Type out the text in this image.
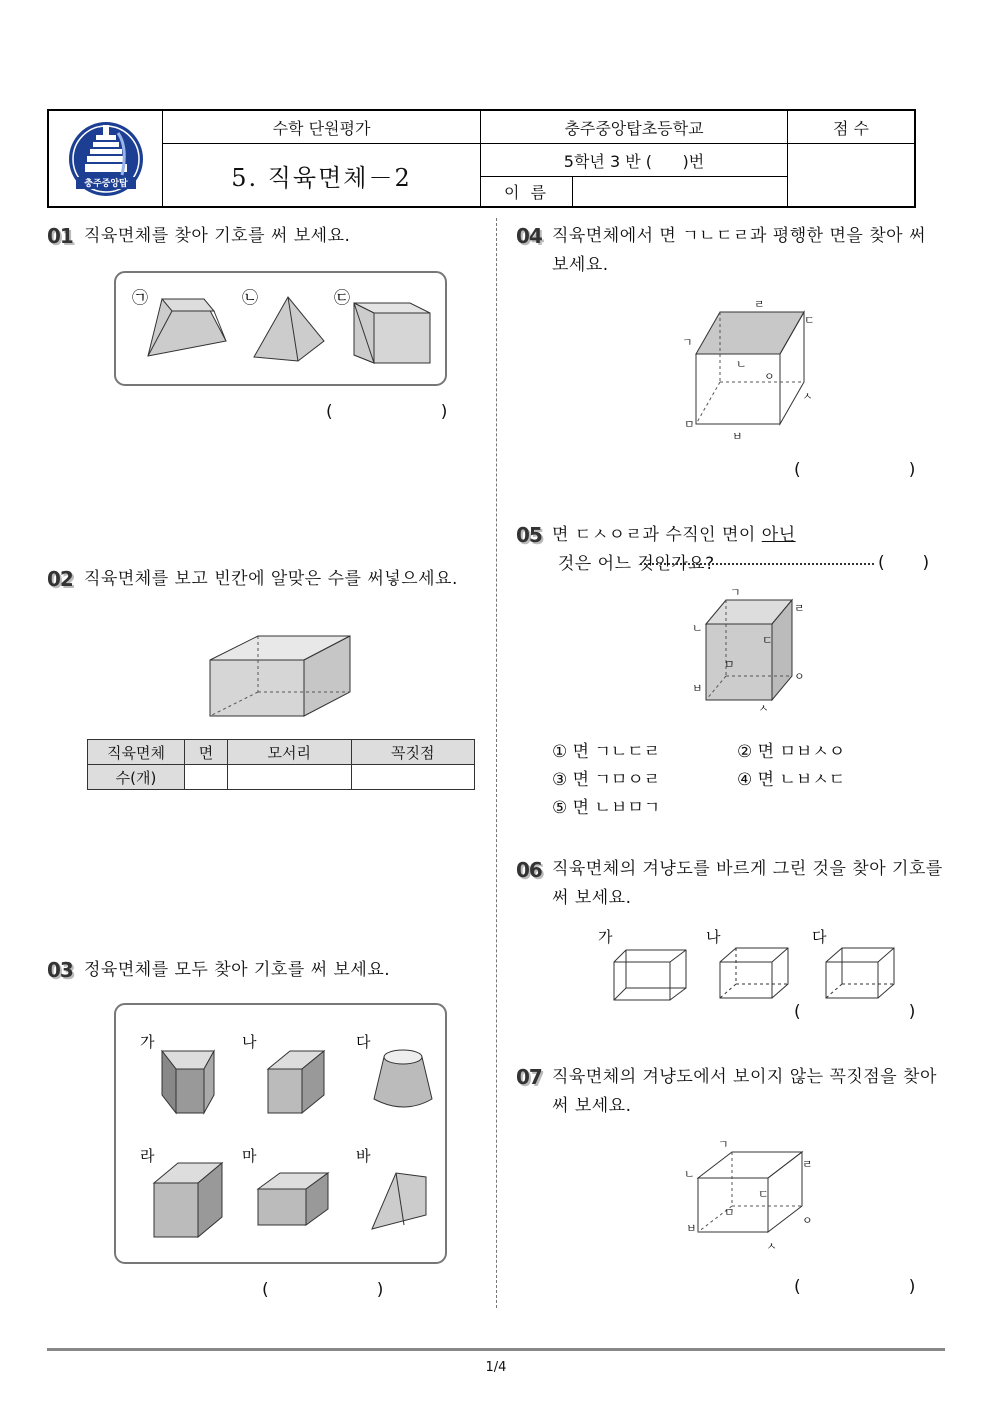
충주중앙탑
수학 단원평가	충주중앙탑초등학교	점 수
5. 직육면체－2
5학년 3 반 (      )번
이 름
01 직육면체를 찾아 기호를 써 보세요.
㉠	㉡	㉢
(                    )
02 직육면체를 보고 빈칸에 알맞은 수를 써넣으세요.
직육면체	면	모서리	꼭짓점
수(개)			
03 정육면체를 모두 찾아 기호를 써 보세요.
가	나	다
라	마	바
(                    )
04 직육면체에서 면 ㄱㄴㄷㄹ과 평행한 면을 찾아 써 보세요.
ㄱ
ㄴ
ㄷ
ㄹ
ㅁ
ㅂ
ㅅ
ㅇ
(                    )
05 면 ㄷㅅㅇㄹ과 수직인 면이 아닌 것은 어느 것인가요?	(       )
ㄱ
ㄴ
ㄷ
ㄹ
ㅁ
ㅂ
ㅅ
ㅇ
① 면 ㄱㄴㄷㄹ	② 면 ㅁㅂㅅㅇ
③ 면 ㄱㅁㅇㄹ	④ 면 ㄴㅂㅅㄷ
⑤ 면 ㄴㅂㅁㄱ
06 직육면체의 겨냥도를 바르게 그린 것을 찾아 기호를 써 보세요.
가	나	다
(                    )
07 직육면체의 겨냥도에서 보이지 않는 꼭짓점을 찾아 써 보세요.
ㄱ
ㄴ
ㄷ
ㄹ
ㅁ
ㅂ
ㅅ
ㅇ
(                    )
1/4
